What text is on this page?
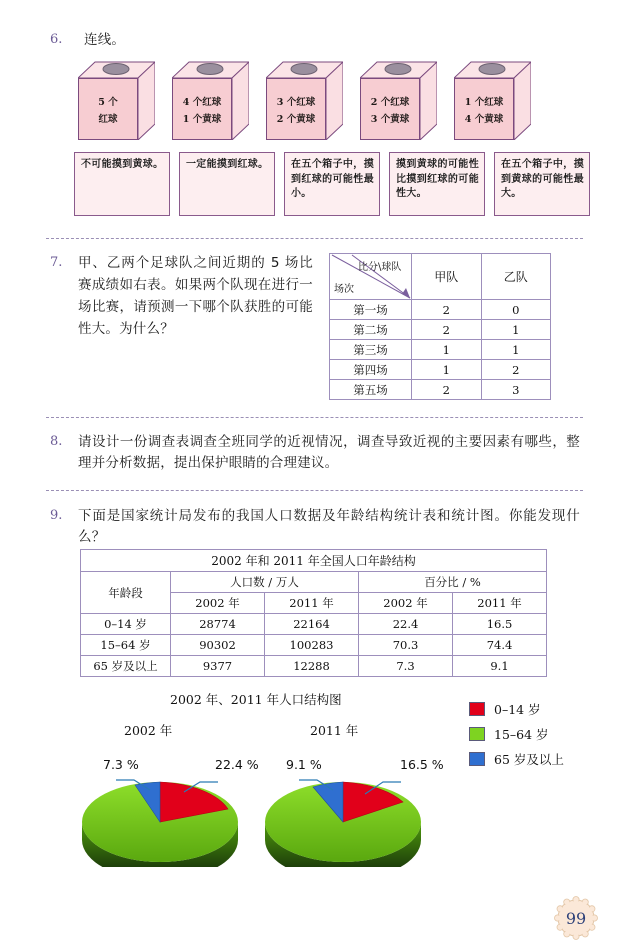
6. 连线。
5 个
红球
4 个红球
1 个黄球
3 个红球
2 个黄球
2 个红球
3 个黄球
1 个红球
4 个黄球

不可能摸到黄球。 一定能摸到红球。 在五个箱子中，摸到红球的可能性最小。

摸到黄球的可能性比摸到红球的可能性大。

在五个箱子中，摸到黄球的可能性最大。

7. 甲、乙两个足球队之间近期的 5 场比赛成绩如右表。如果两个队现在进行一场比赛，请预测一下哪个队获胜的可能性大。为什么？

比分\球队
场次	甲队	乙队
第一场	2	0
第二场	2	1
第三场	1	1
第四场	1	2
第五场	2	3
8. 请设计一份调查表调查全班同学的近视情况，调查导致近视的主要因素有哪些，整理并分析数据，提出保护眼睛的合理建议。

9. 下面是国家统计局发布的我国人口数据及年龄结构统计表和统计图。你能发现什么？

2002 年和 2011 年全国人口年龄结构				
年龄段	人口数 / 万人		百分比 / %	
	2002 年	2011 年	2002 年	2011 年
0–14 岁	28774	22164	22.4	16.5
15–64 岁	90302	100283	70.3	74.4
65 岁及以上	9377	12288	7.3	9.1
2002 年、2011 年人口结构图
2002 年	2011 年
7.3 %	22.4 % 9.1 %	16.5 %
0–14 岁
15–64 岁
65 岁及以上
99
